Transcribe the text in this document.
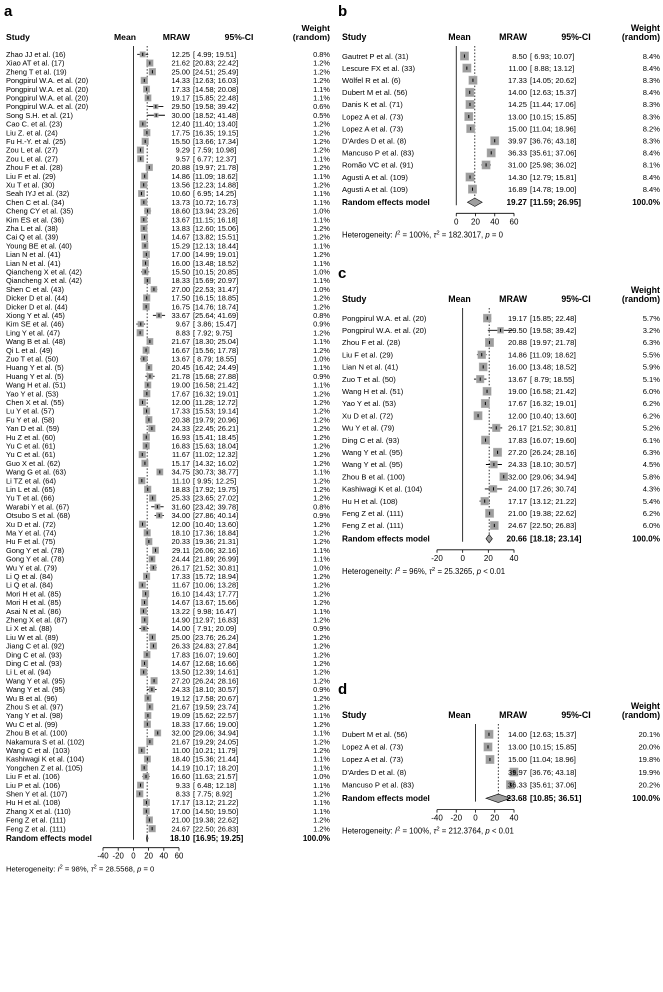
a	b
c
d
Study	Mean	MRAW	95%-CI
Weight
(random)
Zhao JJ et al. (16)	12.25 [ 4.99; 19.51]	0.8%
Xiao AT et al. (17)	21.62 [20.83; 22.42]	1.2%
Zheng T et al. (19)	25.00 [24.51; 25.49]	1.2%
Pongpirul W.A. et al. (20)	14.33 [12.63; 16.03]	1.2%
Pongpirul W.A. et al. (20)	17.33 [14.58; 20.08]	1.1%
Pongpirul W.A. et al. (20)	19.17 [15.85; 22.48]	1.1%
Pongpirul W.A. et al. (20)	29.50 [19.58; 39.42]	0.6%
Song S.H. et al. (21)	30.00 [18.52; 41.48]	0.5%
Cao C. et al. (23)	12.40 [11.40; 13.40]	1.2%
Liu Z. et al. (24)	17.75 [16.35; 19.15]	1.2%
Fu H.-Y. et al. (25)	15.50 [13.66; 17.34]	1.2%
Zou L et al. (27)	9.29 [ 7.59; 10.98]	1.2%
Zou L et al. (27)	9.57 [ 6.77; 12.37]	1.1%
Zhou F et al. (28)	20.88 [19.97; 21.78]	1.2%
Liu F et al. (29)	14.86 [11.09; 18.62]	1.1%
Xu T et al. (30)	13.56 [12.23; 14.88]	1.2%
Seah IYJ et al. (32)	10.60 [ 6.95; 14.25]	1.1%
Chen C et al. (34)	13.73 [10.72; 16.73]	1.1%
Cheng CY et al. (35)	18.60 [13.94; 23.26]	1.0%
Kim ES et al. (36)	13.67 [11.15; 16.18]	1.1%
Zha L et al. (38)	13.83 [12.60; 15.06]	1.2%
Cai Q et al. (39)	14.67 [13.82; 15.51]	1.2%
Young BE et al. (40)	15.29 [12.13; 18.44]	1.1%
Lian N et al. (41)	17.00 [14.99; 19.01]	1.2%
Lian N et al. (41)	16.00 [13.48; 18.52]	1.1%
Qiancheng X et al. (42)	15.50 [10.15; 20.85]	1.0%
Qiancheng X et al. (42)	18.33 [15.69; 20.97]	1.1%
Shen C et al. (43)	27.00 [22.53; 31.47]	1.0%
Dicker D et al. (44)	17.50 [16.15; 18.85]	1.2%
Dicker D et al. (44)	16.75 [14.76; 18.74]	1.2%
Xiong Y et al. (45)	33.67 [25.64; 41.69]	0.8%
Kim SE et al. (46)	9.67 [ 3.86; 15.47]	0.9%
Ling Y et al. (47)	8.83 [ 7.92; 9.75]	1.2%
Wang B et al. (48)	21.67 [18.30; 25.04]	1.1%
Qi L et al. (49)	16.67 [15.56; 17.78]	1.2%
Zuo T et al. (50)	13.67 [ 8.79; 18.55]	1.0%
Huang Y et al. (5)	20.45 [16.42; 24.49]	1.1%
Huang Y et al. (5)	21.78 [15.68; 27.88]	0.9%
Wang H et al. (51)	19.00 [16.58; 21.42]	1.1%
Yao Y et al. (53)	17.67 [16.32; 19.01]	1.2%
Chen X et al. (55)	12.00 [11.28; 12.72]	1.2%
Lu Y et al. (57)	17.33 [15.53; 19.14]	1.2%
Fu Y et al. (58)	20.38 [19.79; 20.96]	1.2%
Yan D et al. (59)	24.33 [22.45; 26.21]	1.2%
Hu Z et al. (60)	16.93 [15.41; 18.45]	1.2%
Yu C et al. (61)	16.83 [15.63; 18.04]	1.2%
Yu C et al. (61)	11.67 [11.02; 12.32]	1.2%
Guo X et al. (62)	15.17 [14.32; 16.02]	1.2%
Wang G et al. (63)	34.75 [30.73; 38.77]	1.1%
Li TZ et al. (64)	11.10 [ 9.95; 12.25]	1.2%
Lin L et al. (65)	18.83 [17.92; 19.75]	1.2%
Yu T et al. (66)	25.33 [23.65; 27.02]	1.2%
Warabi Y et al. (67)	31.60 [23.42; 39.78]	0.8%
Otsubo S et al. (68)	34.00 [27.86; 40.14]	0.9%
Xu D et al. (72)	12.00 [10.40; 13.60]	1.2%
Ma Y et al. (74)	18.10 [17.36; 18.84]	1.2%
Hu F et al. (75)	20.33 [19.36; 21.31]	1.2%
Gong Y et al. (78)	29.11 [26.06; 32.16]	1.1%
Gong Y et al. (78)	24.44 [21.89; 26.99]	1.1%
Wu Y et al. (79)	26.17 [21.52; 30.81]	1.0%
Li Q et al. (84)	17.33 [15.72; 18.94]	1.2%
Li Q et al. (84)	11.67 [10.06; 13.28]	1.2%
Mori H et al. (85)	16.10 [14.43; 17.77]	1.2%
Mori H et al. (85)	14.67 [13.67; 15.66]	1.2%
Asai N et al. (86)	13.22 [ 9.98; 16.47]	1.1%
Zheng X et al. (87)	14.90 [12.97; 16.83]	1.2%
Li X et al. (88)	14.00 [ 7.91; 20.09]	0.9%
Liu W et al. (89)	25.00 [23.76; 26.24]	1.2%
Jiang C et al. (92)	26.33 [24.83; 27.84]	1.2%
Ding C et al. (93)	17.83 [16.07; 19.60]	1.2%
Ding C et al. (93)	14.67 [12.68; 16.66]	1.2%
Li L et al. (94)	13.50 [12.39; 14.61]	1.2%
Wang Y et al. (95)	27.20 [26.24; 28.16]	1.2%
Wang Y et al. (95)	24.33 [18.10; 30.57]	0.9%
Wu B et al. (96)	19.12 [17.58; 20.67]	1.2%
Zhou S et al. (97)	21.67 [19.59; 23.74]	1.2%
Yang Y et al. (98)	19.09 [15.62; 22.57]	1.1%
Wu C et al. (99)	18.33 [17.66; 19.00]	1.2%
Zhou B et al. (100)	32.00 [29.06; 34.94]	1.1%
Nakamura S et al. (102)	21.67 [19.29; 24.05]	1.2%
Wang C et al. (103)	11.00 [10.21; 11.79]	1.2%
Kashiwagi K et al. (104)	18.40 [15.36; 21.44]	1.1%
Yongchen Z et al. (105)	14.19 [10.17; 18.20]	1.1%
Liu F et al. (106)	16.60 [11.63; 21.57]	1.0%
Liu P et al. (106)	9.33 [ 6.48; 12.18]	1.1%
Shen Y et al. (107)	8.33 [ 7.75; 8.92]	1.2%
Hu H et al. (108)	17.17 [13.12; 21.22]	1.1%
Zhang X et al. (110)	17.00 [14.50; 19.50]	1.1%
Feng Z et al. (111)	21.00 [19.38; 22.62]	1.2%
Feng Z et al. (111)	24.67 [22.50; 26.83]	1.2%
Random effects model	18.10 [16.95; 19.25]	100.0%
-40 -20 0 20 40 60
Heterogeneity: $I^2 = 98\%$, $\tau^2 = 28.5568$, p = 0
Study	Mean	MRAW	95%-CI
Weight
(random)
Gautret P et al. (31)	8.50 [ 6.93; 10.07]	8.4%
Lescure FX et al. (33)	11.00 [ 8.88; 13.12]	8.4%
Wölfel R et al. (6)	17.33 [14.05; 20.62]	8.3%
Dubert M et al. (56)	14.00 [12.63; 15.37]	8.4%
Danis K et al. (71)	14.25 [11.44; 17.06]	8.3%
Lopez A et al. (73)	13.00 [10.15; 15.85]	8.3%
Lopez A et al. (73)	15.00 [11.04; 18.96]	8.2%
D'Ardes D et al. (8)	39.97 [36.76; 43.18]	8.3%
Mancuso P et al. (83)	36.33 [35.61; 37.06]	8.4%
Romão VC et al. (91)	31.00 [25.98; 36.02]	8.1%
Agusti A et al. (109)	14.30 [12.79; 15.81]	8.4%
Agusti A et al. (109)	16.89 [14.78; 19.00]	8.4%
Random effects model	19.27 [11.59; 26.95]	100.0%
0 20 40 60
Heterogeneity: $I^2 = 100\%$, $\tau^2 = 182.3017$, p = 0
Study	Mean	MRAW	95%-CI
Weight
(random)
Pongpirul W.A. et al. (20)	19.17 [15.85; 22.48]	5.7%
Pongpirul W.A. et al. (20)	29.50 [19.58; 39.42]	3.2%
Zhou F et al. (28)	20.88 [19.97; 21.78]	6.3%
Liu F et al. (29)	14.86 [11.09; 18.62]	5.5%
Lian N et al. (41)	16.00 [13.48; 18.52]	5.9%
Zuo T et al. (50)	13.67 [ 8.79; 18.55]	5.1%
Wang H et al. (51)	19.00 [16.58; 21.42]	6.0%
Yao Y et al. (53)	17.67 [16.32; 19.01]	6.2%
Xu D et al. (72)	12.00 [10.40; 13.60]	6.2%
Wu Y et al. (79)	26.17 [21.52; 30.81]	5.2%
Ding C et al. (93)	17.83 [16.07; 19.60]	6.1%
Wang Y et al. (95)	27.20 [26.24; 28.16]	6.3%
Wang Y et al. (95)	24.33 [18.10; 30.57]	4.5%
Zhou B et al. (100)	32.00 [29.06; 34.94]	5.8%
Kashiwagi K et al. (104)	24.00 [17.26; 30.74]	4.3%
Hu H et al. (108)	17.17 [13.12; 21.22]	5.4%
Feng Z et al. (111)	21.00 [19.38; 22.62]	6.2%
Feng Z et al. (111)	24.67 [22.50; 26.83]	6.0%
Random effects model	20.66 [18.18; 23.14]	100.0%
-20 0 20 40
Heterogeneity: $I^2 = 96\%$, $\tau^2 = 25.3265$, p < 0.01
Study	Mean	MRAW	95%-CI
Weight
(random)
Dubert M et al. (56)	14.00 [12.63; 15.37]	20.1%
Lopez A et al. (73)	13.00 [10.15; 15.85]	20.0%
Lopez A et al. (73)	15.00 [11.04; 18.96]	19.8%
D'Ardes D et al. (8)	39.97 [36.76; 43.18]	19.9%
Mancuso P et al. (83)	36.33 [35.61; 37.06]	20.2%
Random effects model	23.68 [10.85; 36.51]	100.0%
-40 -20 0 20 40
Heterogeneity: $I^2 = 100\%$, $\tau^2 = 212.3764$, p < 0.01
